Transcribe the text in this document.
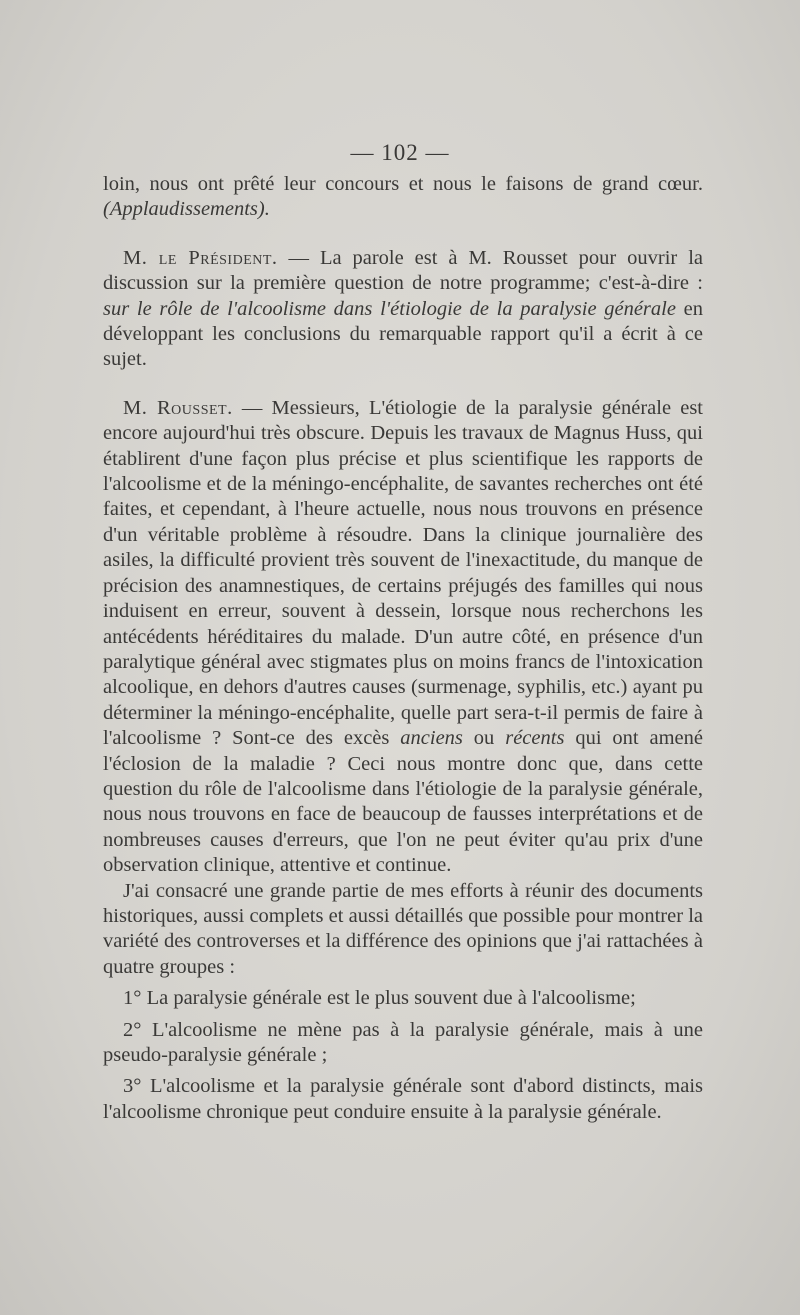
— 102 —

loin, nous ont prêté leur concours et nous le faisons de grand cœur. (Applaudissements).

M. le Président. — La parole est à M. Rousset pour ouvrir la discussion sur la première question de notre programme; c'est-à-dire : sur le rôle de l'alcoolisme dans l'étiologie de la paralysie générale en développant les conclusions du remarquable rapport qu'il a écrit à ce sujet.

M. Rousset. — Messieurs, L'étiologie de la paralysie générale est encore aujourd'hui très obscure. Depuis les travaux de Magnus Huss, qui établirent d'une façon plus précise et plus scientifique les rapports de l'alcoolisme et de la méningo-encéphalite, de savantes recherches ont été faites, et cependant, à l'heure actuelle, nous nous trouvons en présence d'un véritable problème à résoudre. Dans la clinique journalière des asiles, la difficulté provient très souvent de l'inexactitude, du manque de précision des anamnestiques, de certains préjugés des familles qui nous induisent en erreur, souvent à dessein, lorsque nous recherchons les antécédents héréditaires du malade. D'un autre côté, en présence d'un paralytique général avec stigmates plus on moins francs de l'intoxication alcoolique, en dehors d'autres causes (surmenage, syphilis, etc.) ayant pu déterminer la méningo-encéphalite, quelle part sera-t-il permis de faire à l'alcoolisme ? Sont-ce des excès anciens ou récents qui ont amené l'éclosion de la maladie ? Ceci nous montre donc que, dans cette question du rôle de l'alcoolisme dans l'étiologie de la paralysie générale, nous nous trouvons en face de beaucoup de fausses interprétations et de nombreuses causes d'erreurs, que l'on ne peut éviter qu'au prix d'une observation clinique, attentive et continue.

J'ai consacré une grande partie de mes efforts à réunir des documents historiques, aussi complets et aussi détaillés que possible pour montrer la variété des controverses et la différence des opinions que j'ai rattachées à quatre groupes :

1° La paralysie générale est le plus souvent due à l'alcoolisme;

2° L'alcoolisme ne mène pas à la paralysie générale, mais à une pseudo-paralysie générale ;

3° L'alcoolisme et la paralysie générale sont d'abord distincts, mais l'alcoolisme chronique peut conduire ensuite à la paralysie générale.
